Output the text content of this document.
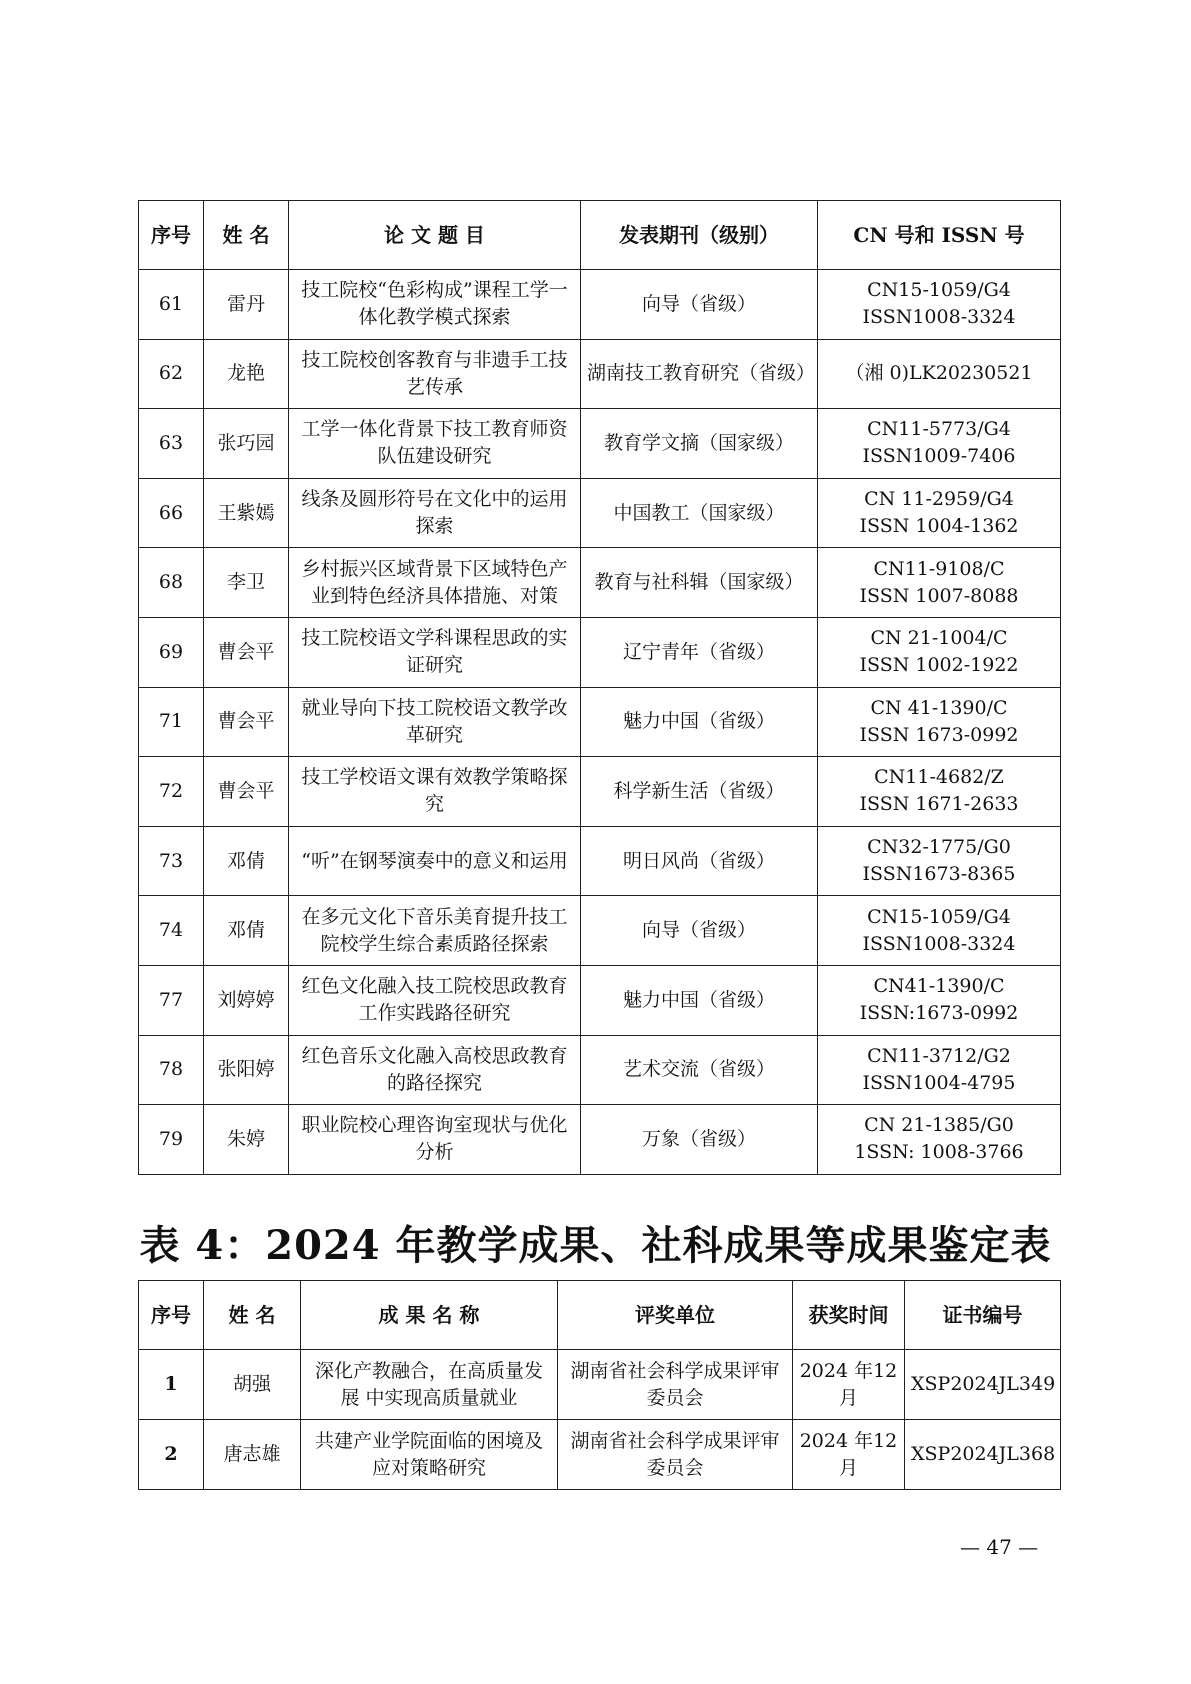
序号	姓 名	论 文 题 目	发表期刊（级别）	CN 号和 ISSN 号
61	雷丹	技工院校“色彩构成”课程工学一体化教学模式探索	向导（省级）	CN15-1059/G4
ISSN1008-3324
62	龙艳	技工院校创客教育与非遗手工技艺传承	湖南技工教育研究（省级）	（湘 0)LK20230521
63	张巧园	工学一体化背景下技工教育师资队伍建设研究	教育学文摘（国家级）	CN11-5773/G4
ISSN1009-7406
66	王紫嫣	线条及圆形符号在文化中的运用探索	中国教工（国家级）	CN 11-2959/G4
ISSN 1004-1362
68	李卫	乡村振兴区域背景下区域特色产业到特色经济具体措施、对策	教育与社科辑（国家级）	CN11-9108/C
ISSN 1007-8088
69	曹会平	技工院校语文学科课程思政的实证研究	辽宁青年（省级）	CN 21-1004/C
ISSN 1002-1922
71	曹会平	就业导向下技工院校语文教学改革研究	魅力中国（省级）	CN 41-1390/C
ISSN 1673-0992
72	曹会平	技工学校语文课有效教学策略探究	科学新生活（省级）	CN11-4682/Z
ISSN 1671-2633
73	邓倩	“听”在钢琴演奏中的意义和运用	明日风尚（省级）	CN32-1775/G0
ISSN1673-8365
74	邓倩	在多元文化下音乐美育提升技工院校学生综合素质路径探索	向导（省级）	CN15-1059/G4
ISSN1008-3324
77	刘婷婷	红色文化融入技工院校思政教育工作实践路径研究	魅力中国（省级）	CN41-1390/C
ISSN:1673-0992
78	张阳婷	红色音乐文化融入高校思政教育的路径探究	艺术交流（省级）	CN11-3712/G2
ISSN1004-4795
79	朱婷	职业院校心理咨询室现状与优化分析	万象（省级）	CN 21-1385/G0
1SSN: 1008-3766
表 4：2024 年教学成果、社科成果等成果鉴定表
序号	姓 名	成 果 名 称	评奖单位	获奖时间	证书编号
1	胡强	深化产教融合，在高质量发展 中实现高质量就业	湖南省社会科学成果评审委员会	2024 年12月	XSP2024JL349
2	唐志雄	共建产业学院面临的困境及应对策略研究	湖南省社会科学成果评审委员会	2024 年12月	XSP2024JL368
— 47 —
